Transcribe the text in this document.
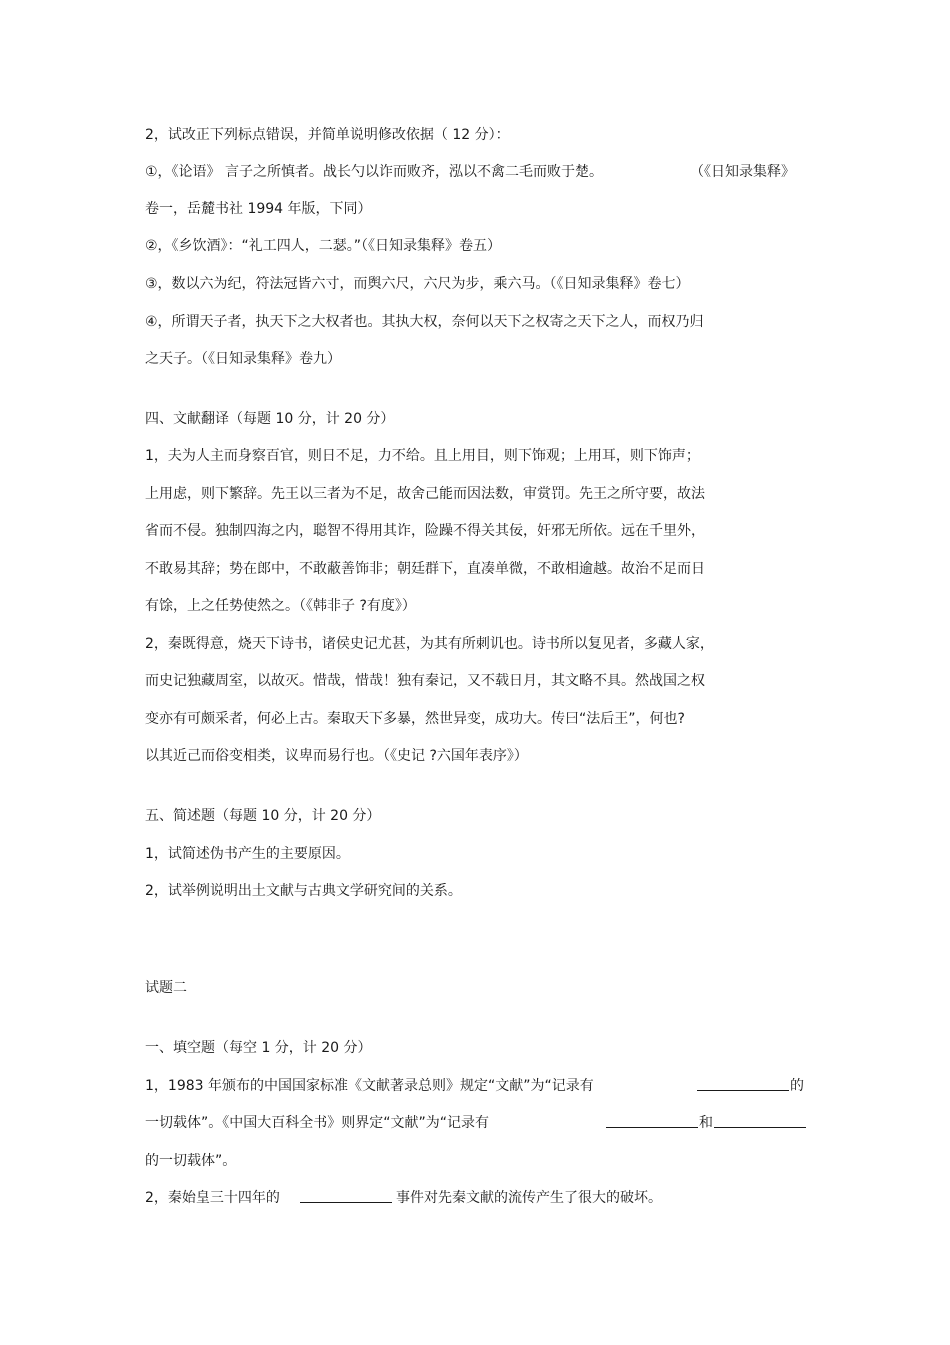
2，试改正下列标点错误，并简单说明修改依据（ 12 分）：

①，《论语》 言子之所慎者。战长勺以诈而败齐，泓以不禽二毛而败于楚。	（《日知录集释》

卷一，岳麓书社 1994 年版，下同）

②，《乡饮酒》：“礼工四人，二瑟。”（《日知录集释》卷五）

③，数以六为纪，符法冠皆六寸，而舆六尺，六尺为步，乘六马。（《日知录集释》卷七）

④，所谓天子者，执天下之大权者也。其执大权，奈何以天下之权寄之天下之人，而权乃归

之天子。（《日知录集释》卷九）

四、文献翻译（每题 10 分，计 20 分）

1，夫为人主而身察百官，则日不足，力不给。且上用目，则下饰观；上用耳，则下饰声；

上用虑，则下繁辞。先王以三者为不足，故舍己能而因法数，审赏罚。先王之所守要，故法

省而不侵。独制四海之内，聪智不得用其诈，险躁不得关其佞，奸邪无所依。远在千里外，

不敢易其辞；势在郎中，不敢蔽善饰非；朝廷群下，直凑单微，不敢相逾越。故治不足而日

有馀，上之任势使然之。（《韩非子 ?有度》）

2，秦既得意，烧天下诗书，诸侯史记尤甚，为其有所刺讥也。诗书所以复见者，多藏人家，

而史记独藏周室，以故灭。惜哉，惜哉！独有秦记，又不载日月，其文略不具。然战国之权

变亦有可颇采者，何必上古。秦取天下多暴，然世异变，成功大。传曰“法后王”，何也?

以其近己而俗变相类，议卑而易行也。（《史记 ?六国年表序》）

五、简述题（每题 10 分，计 20 分）

1，试简述伪书产生的主要原因。

2，试举例说明出土文献与古典文学研究间的关系。

试题二

一、填空题（每空 1 分，计 20 分）

1，1983 年颁布的中国国家标准《文献著录总则》规定“文献”为“记录有	的

一切载体”。《中国大百科全书》则界定“文献”为“记录有	和

的一切载体”。

2，秦始皇三十四年的	事件对先秦文献的流传产生了很大的破坏。
